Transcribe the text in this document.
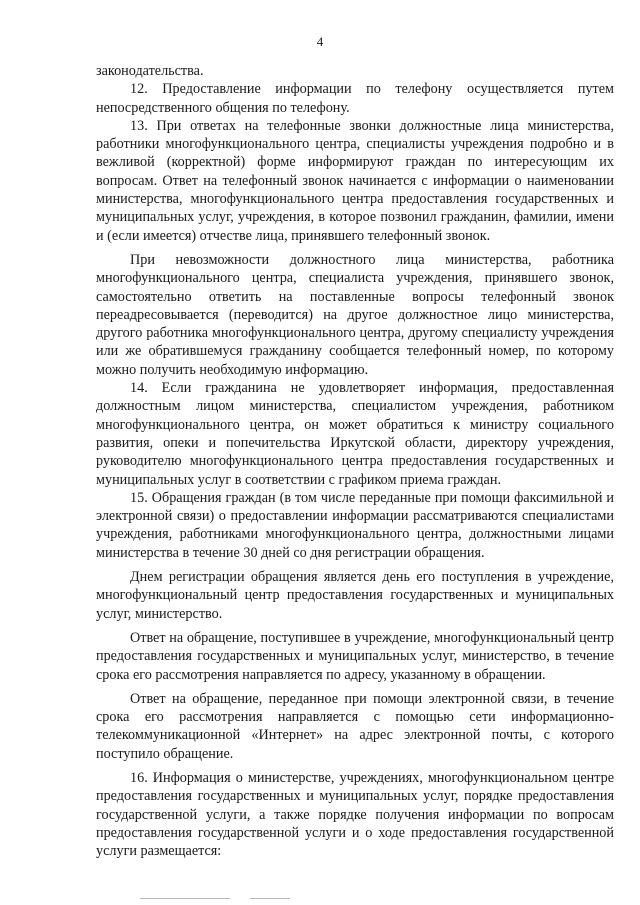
4

законодательства.

12. Предоставление информации по телефону осуществляется путем непосредственного общения по телефону.

13. При ответах на телефонные звонки должностные лица министерства, работники многофункционального центра, специалисты учреждения подробно и в вежливой (корректной) форме информируют граждан по интересующим их вопросам. Ответ на телефонный звонок начинается с информации о наименовании министерства, многофункционального центра предоставления государственных и муниципальных услуг, учреждения, в которое позвонил гражданин, фамилии, имени и (если имеется) отчестве лица, принявшего телефонный звонок.

При невозможности должностного лица министерства, работника многофункционального центра, специалиста учреждения, принявшего звонок, самостоятельно ответить на поставленные вопросы телефонный звонок переадресовывается (переводится) на другое должностное лицо министерства, другого работника многофункционального центра, другому специалисту учреждения или же обратившемуся гражданину сообщается телефонный номер, по которому можно получить необходимую информацию.

14. Если гражданина не удовлетворяет информация, предоставленная должностным лицом министерства, специалистом учреждения, работником многофункционального центра, он может обратиться к министру социального развития, опеки и попечительства Иркутской области, директору учреждения, руководителю многофункционального центра предоставления государственных и муниципальных услуг в соответствии с графиком приема граждан.

15. Обращения граждан (в том числе переданные при помощи факсимильной и электронной связи) о предоставлении информации рассматриваются специалистами учреждения, работниками многофункционального центра, должностными лицами министерства в течение 30 дней со дня регистрации обращения.

Днем регистрации обращения является день его поступления в учреждение, многофункциональный центр предоставления государственных и муниципальных услуг, министерство.

Ответ на обращение, поступившее в учреждение, многофункциональный центр предоставления государственных и муниципальных услуг, министерство, в течение срока его рассмотрения направляется по адресу, указанному в обращении.

Ответ на обращение, переданное при помощи электронной связи, в течение срока его рассмотрения направляется с помощью сети информационно-телекоммуникационной «Интернет» на адрес электронной почты, с которого поступило обращение.

16. Информация о министерстве, учреждениях, многофункциональном центре предоставления государственных и муниципальных услуг, порядке предоставления государственной услуги, а также порядке получения информации по вопросам предоставления государственной услуги и о ходе предоставления государственной услуги размещается:
